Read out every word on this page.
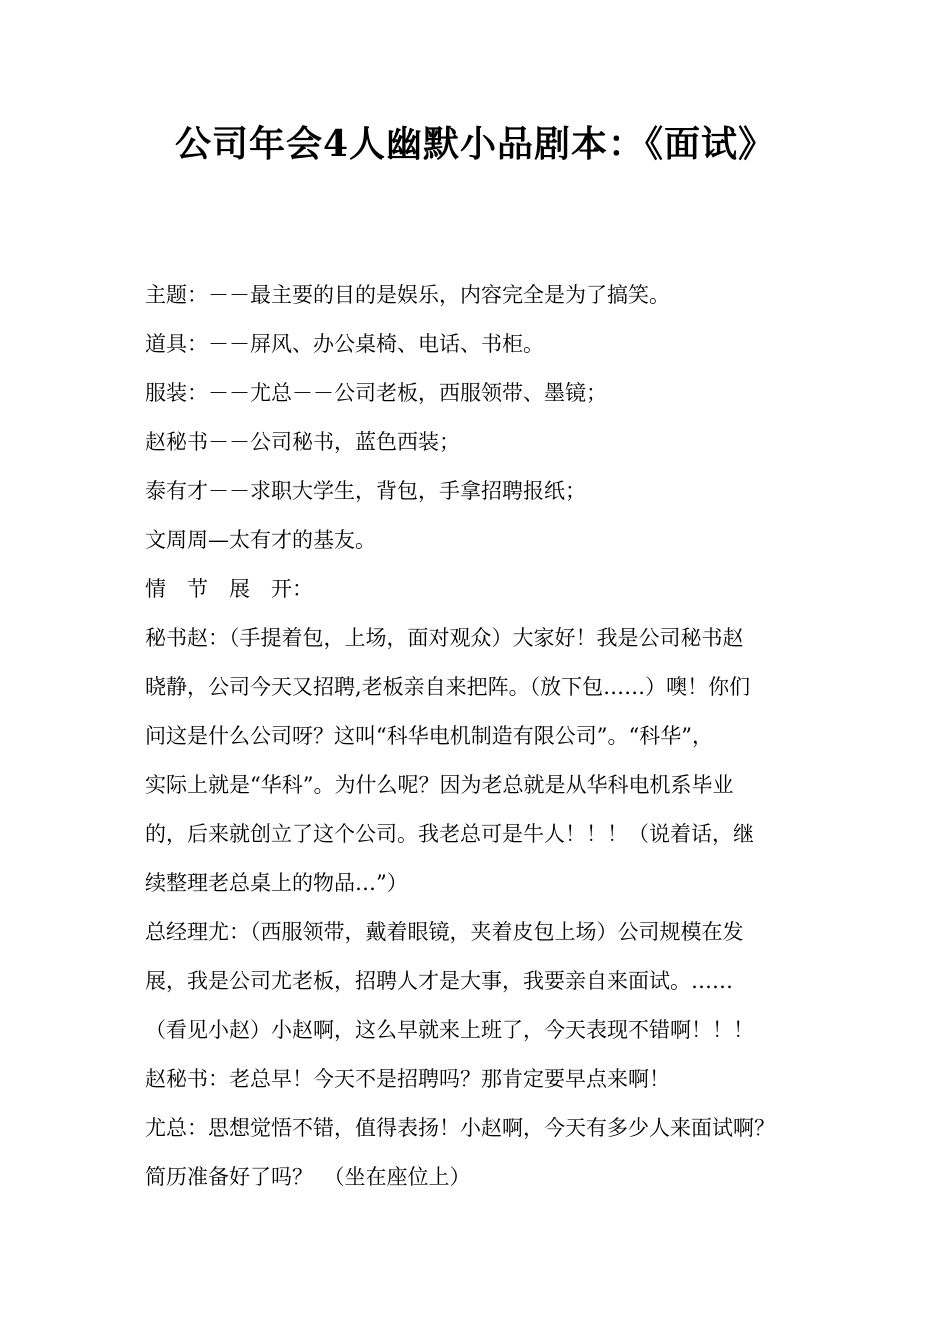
公司年会4人幽默小品剧本：《面试》
主题：－－最主要的目的是娱乐，内容完全是为了搞笑。
道具：－－屏风、办公桌椅、电话、书柜。
服装：－－尤总－－公司老板，西服领带、墨镜；
赵秘书－－公司秘书，蓝色西装；
泰有才－－求职大学生，背包，手拿招聘报纸；
文周周—太有才的基友。
情　节　展　开：
秘书赵：（手提着包，上场，面对观众）大家好！我是公司秘书赵
晓静，公司今天又招聘,老板亲自来把阵。（放下包……）噢！你们
问这是什么公司呀？这叫“科华电机制造有限公司”。“科华”，
实际上就是“华科”。为什么呢？因为老总就是从华科电机系毕业
的，后来就创立了这个公司。我老总可是牛人！！！（说着话，继
续整理老总桌上的物品…”）
总经理尤：（西服领带，戴着眼镜，夹着皮包上场）公司规模在发
展，我是公司尤老板，招聘人才是大事，我要亲自来面试。……
（看见小赵）小赵啊，这么早就来上班了，今天表现不错啊！！！
赵秘书：老总早！今天不是招聘吗？那肯定要早点来啊！
尤总：思想觉悟不错，值得表扬！小赵啊，今天有多少人来面试啊？
简历准备好了吗？　（坐在座位上）
